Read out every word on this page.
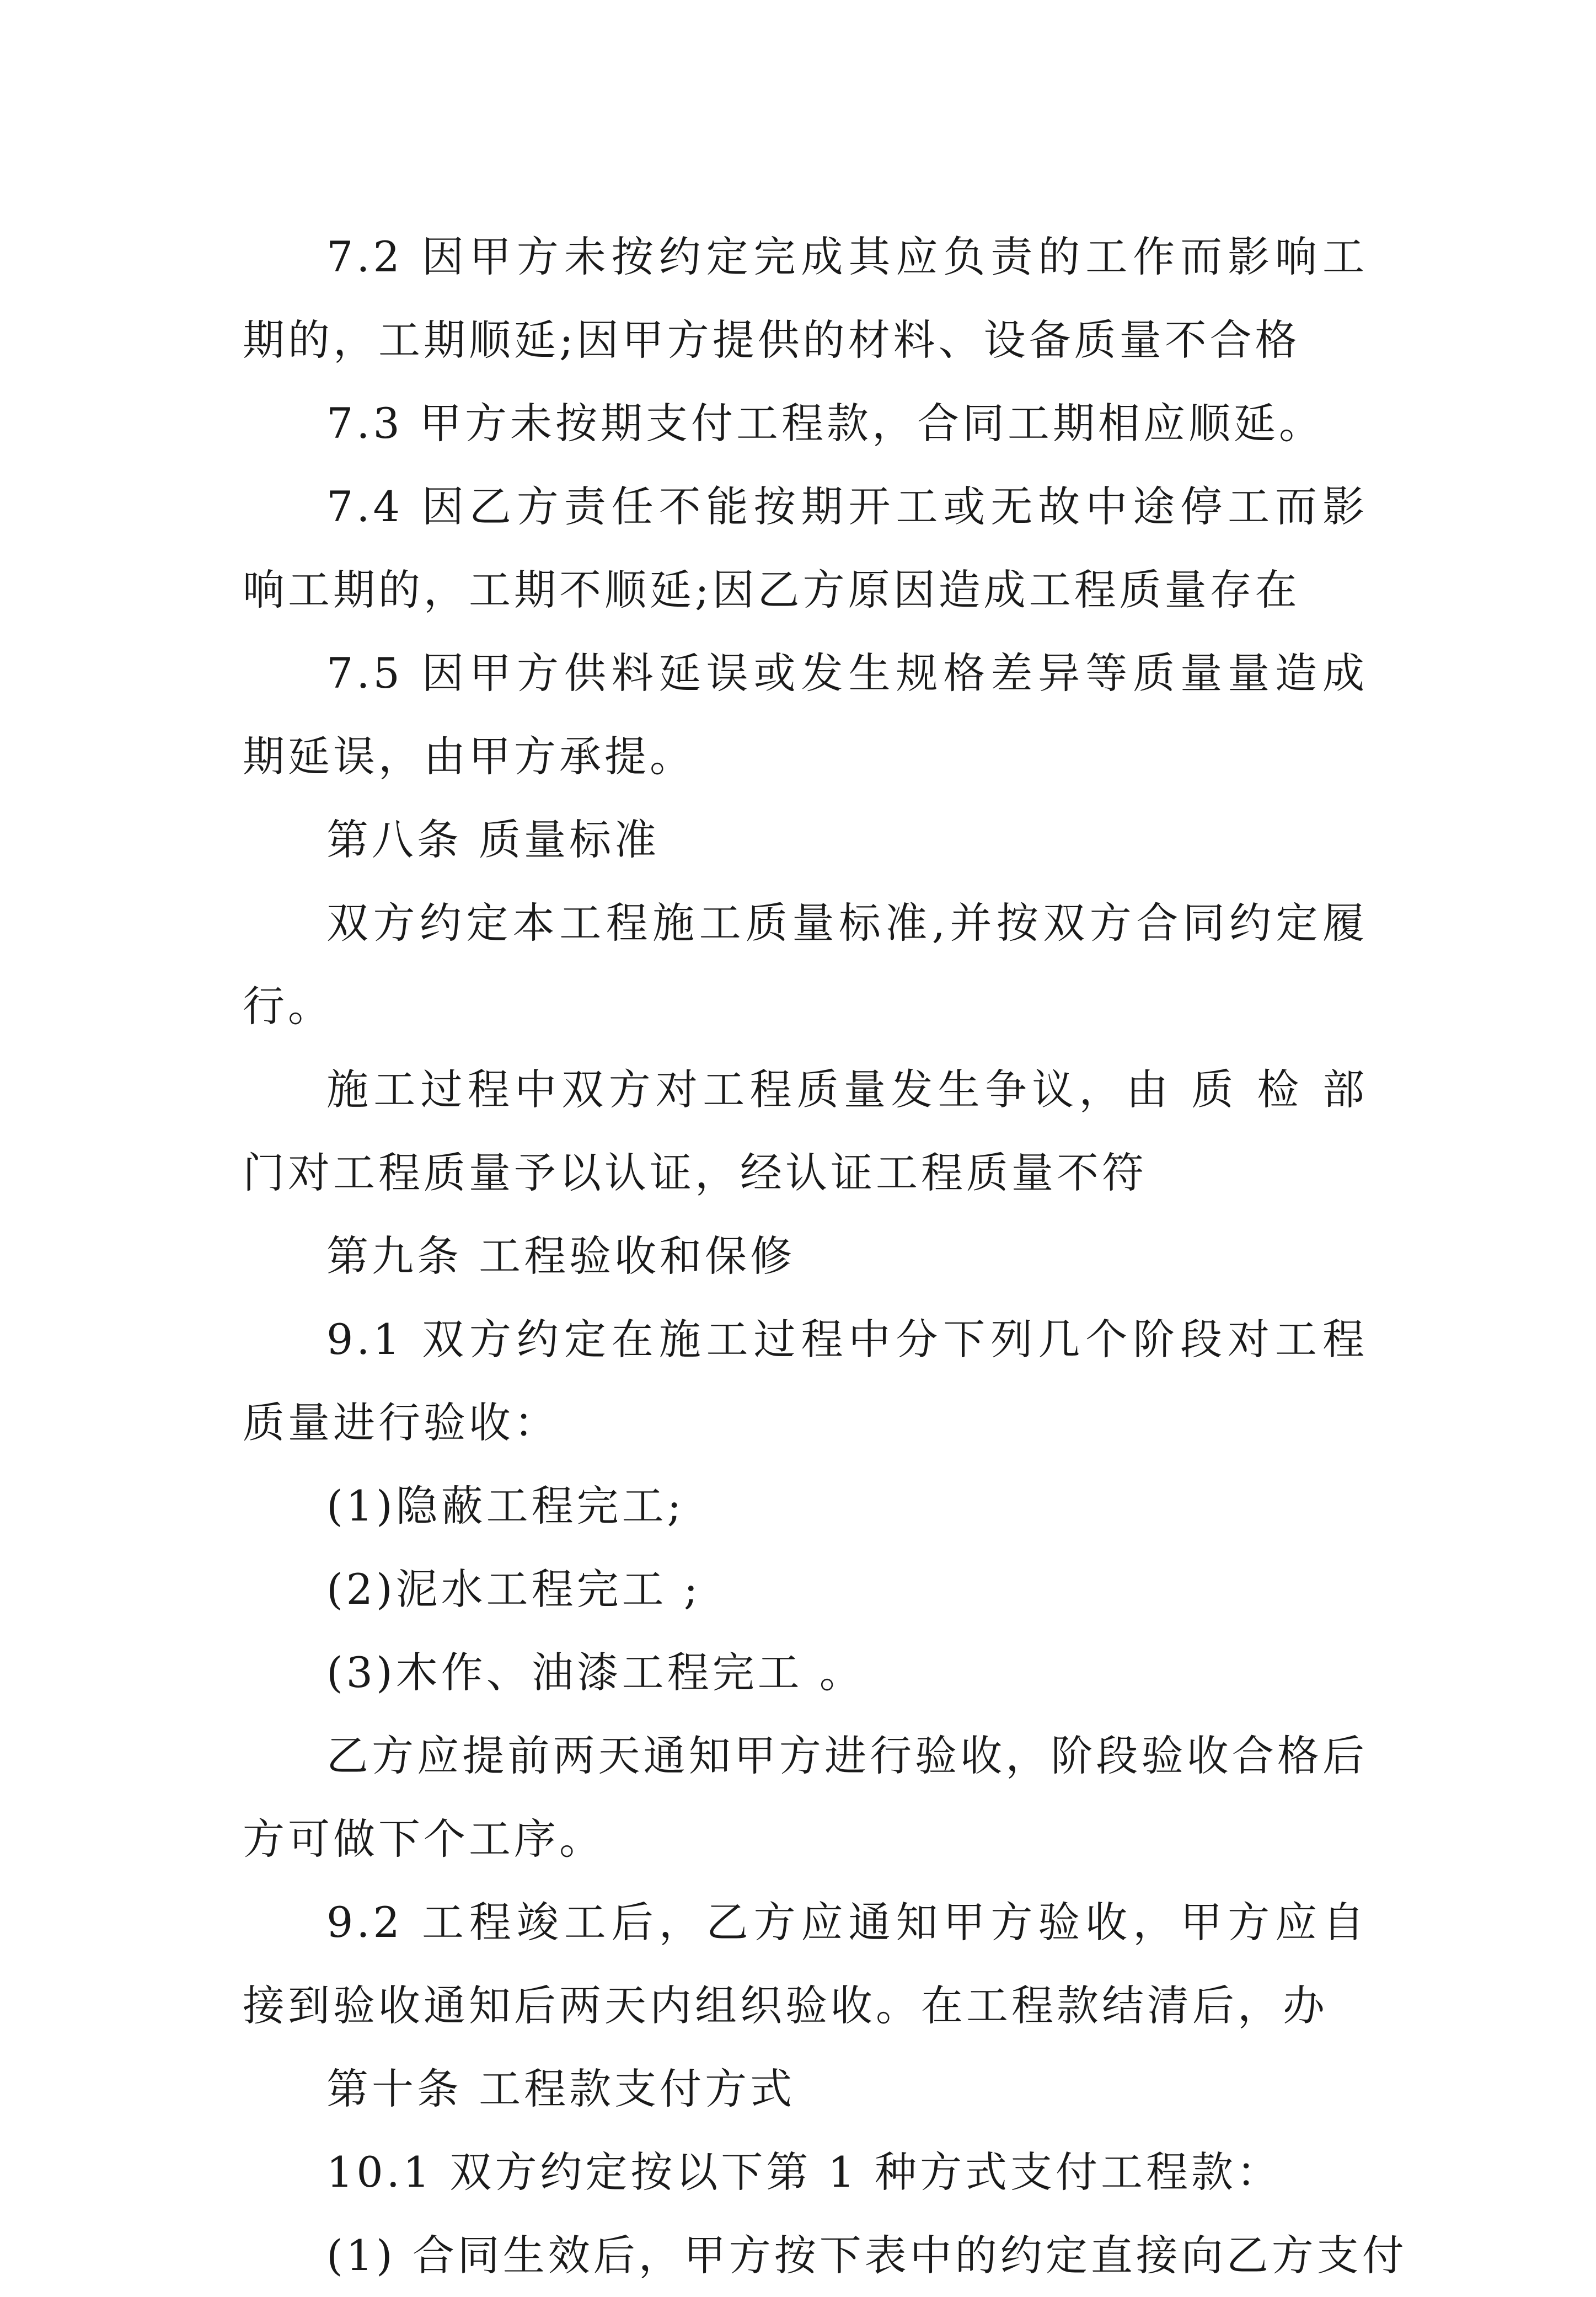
7.2 因甲方未按约定完成其应负责的工作而影响工期的，工期顺延;因甲方提供的材料、设备质量不合格

7.3 甲方未按期支付工程款，合同工期相应顺延。

7.4 因乙方责任不能按期开工或无故中途停工而影响工期的，工期不顺延;因乙方原因造成工程质量存在

7.5 因甲方供料延误或发生规格差异等质量量造成期延误，由甲方承提。

第八条 质量标准

双方约定本工程施工质量标准,并按双方合同约定履行。

施工过程中双方对工程质量发生争议，由 质 检 部门对工程质量予以认证，经认证工程质量不符

第九条 工程验收和保修

9.1 双方约定在施工过程中分下列几个阶段对工程质量进行验收：

(1)隐蔽工程完工;

(2)泥水工程完工 ;

(3)木作、油漆工程完工 。

乙方应提前两天通知甲方进行验收，阶段验收合格后方可做下个工序。

9.2 工程竣工后，乙方应通知甲方验收，甲方应自接到验收通知后两天内组织验收。在工程款结清后，办

第十条 工程款支付方式

10.1 双方约定按以下第 1 种方式支付工程款：

(1) 合同生效后，甲方按下表中的约定直接向乙方支付
